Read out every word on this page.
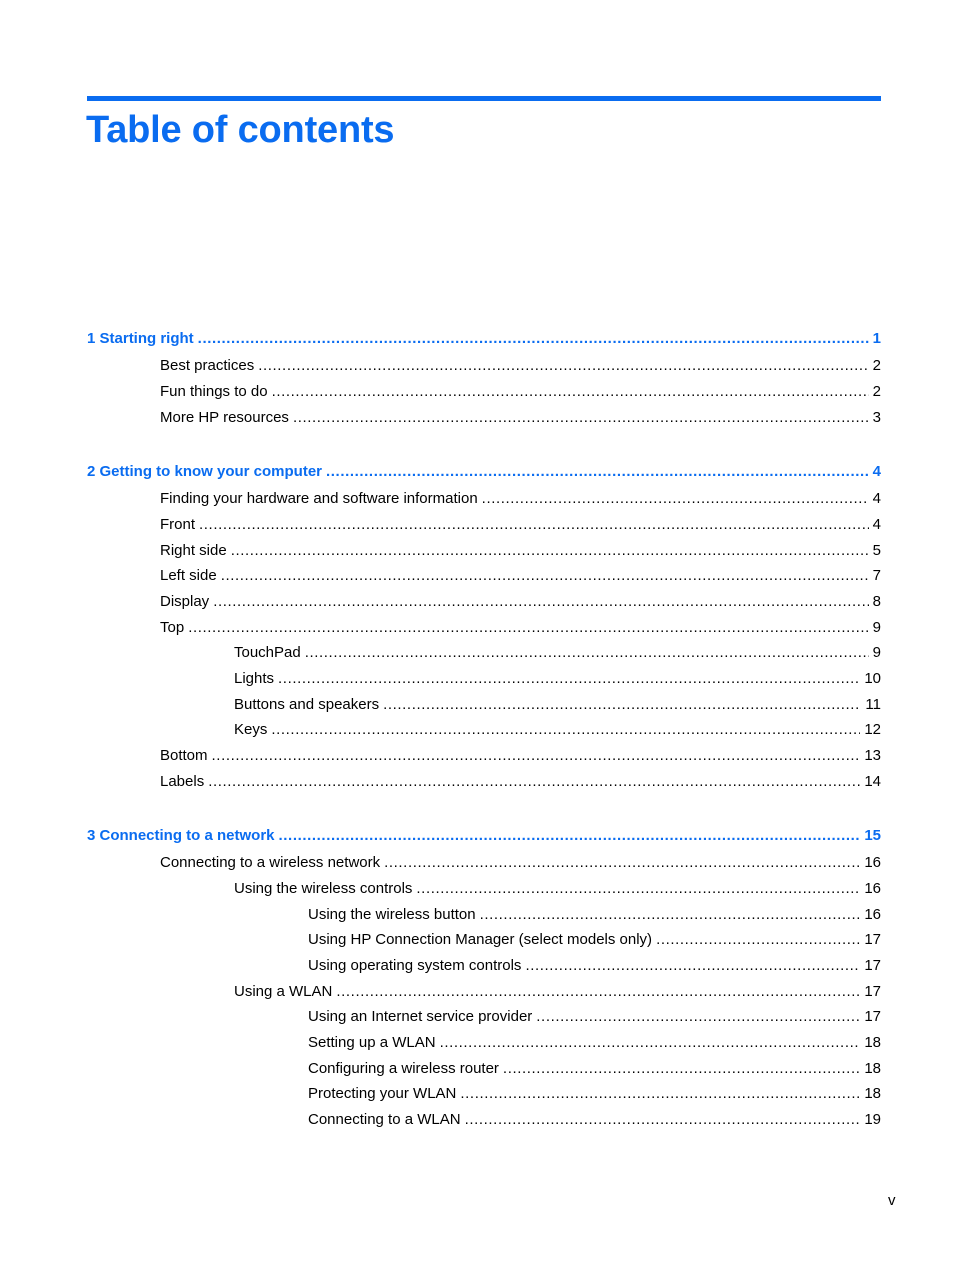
Table of contents
1 Starting right .....	1
Best practices .....	2
Fun things to do .....	2
More HP resources .....	3
2 Getting to know your computer .....	4
Finding your hardware and software information .....	4
Front .....	4
Right side .....	5
Left side .....	7
Display .....	8
Top .....	9
TouchPad .....	9
Lights .....	10
Buttons and speakers .....	11
Keys .....	12
Bottom .....	13
Labels .....	14
3 Connecting to a network .....	15
Connecting to a wireless network .....	16
Using the wireless controls .....	16
Using the wireless button .....	16
Using HP Connection Manager (select models only) .....	17
Using operating system controls .....	17
Using a WLAN .....	17
Using an Internet service provider .....	17
Setting up a WLAN .....	18
Configuring a wireless router .....	18
Protecting your WLAN .....	18
Connecting to a WLAN .....	19
v
